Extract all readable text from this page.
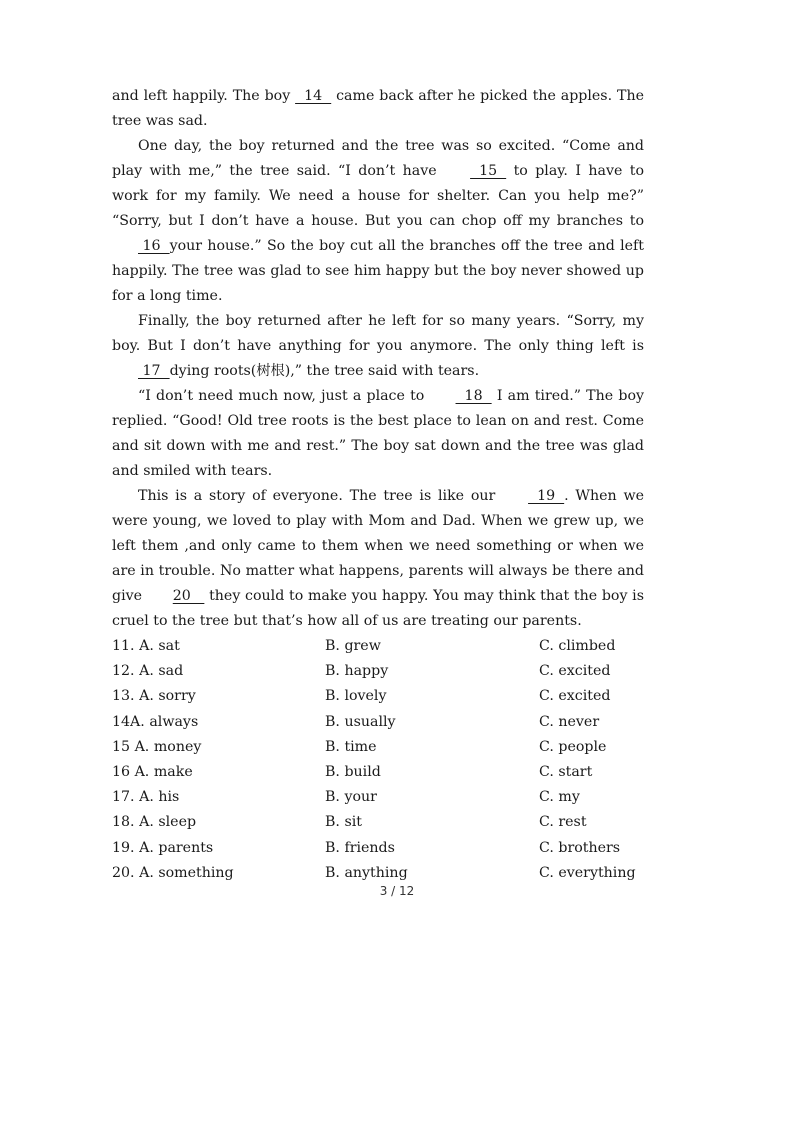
and left happily. The boy   14   came back after he picked the apples. The tree was sad.

One day, the boy returned and the tree was so excited. “Come and play with me,” the tree said. “I don’t have   15   to play. I have to work for my family. We need a house for shelter. Can you help me?” “Sorry, but I don’t have a house. But you can chop off my branches to  16  your house.” So the boy cut all the branches off the tree and left happily. The tree was glad to see him happy but the boy never showed up for a long time.

Finally, the boy returned after he left for so many years. “Sorry, my boy. But I don’t have anything for you anymore. The only thing left is  17  dying roots(树根),” the tree said with tears.

“I don’t need much now, just a place to   18   I am tired.” The boy replied. “Good! Old tree roots is the best place to lean on and rest. Come and sit down with me and rest.” The boy sat down and the tree was glad and smiled with tears.

This is a story of everyone. The tree is like our   19  . When we were young, we loved to play with Mom and Dad. When we grew up, we left them ,and only came to them when we need something or when we are in trouble. No matter what happens, parents will always be there and give 20    they could to make you happy. You may think that the boy is cruel to the tree but that’s how all of us are treating our parents.

11. A. sat	B. grew	C. climbed
12. A. sad	B. happy	C. excited
13. A. sorry	B. lovely	C. excited
14A. always	B. usually	C. never
15 A. money	B. time	C. people
16 A. make	B. build	C. start
17. A. his	B. your	C. my
18. A. sleep	B. sit	C. rest
19. A. parents	B. friends	C. brothers
20. A. something	B. anything	C. everything
3 / 12
